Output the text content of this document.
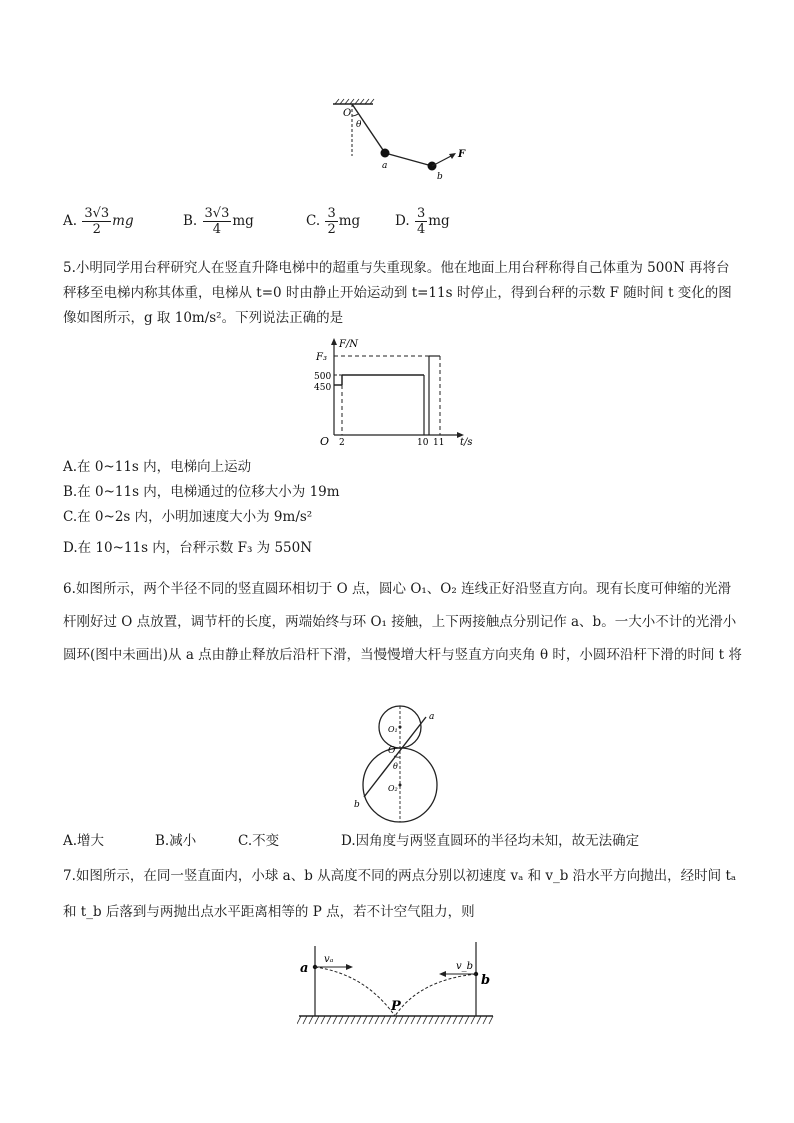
O
θ
a
b
F
A. $\frac{3√3}{2}$ mg	B. $\frac{3√3}{4}$ mg	C. $\frac{3}{2}$ mg	D. $\frac{3}{4}$ mg
5.小明同学用台秤研究人在竖直升降电梯中的超重与失重现象。他在地面上用台秤称得自己体重为 500N 再将台秤移至电梯内称其体重，电梯从 t=0 时由静止开始运动到 t=11s 时停止，得到台秤的示数 F 随时间 t 变化的图像如图所示，g 取 10m/s²。下列说法正确的是
F/N
F₃
500
450
O 2	10 11 t/s
A.在 0~11s 内，电梯向上运动
B.在 0~11s 内，电梯通过的位移大小为 19m
C.在 0~2s 内，小明加速度大小为 9m/s²
D.在 10~11s 内，台秤示数 F₃ 为 550N
6.如图所示，两个半径不同的竖直圆环相切于 O 点，圆心 O₁、O₂ 连线正好沿竖直方向。现有长度可伸缩的光滑杆刚好过 O 点放置，调节杆的长度，两端始终与环 O₁ 接触，上下两接触点分别记作 a、b。一大小不计的光滑小圆环(图中未画出)从 a 点由静止释放后沿杆下滑，当慢慢增大杆与竖直方向夹角 θ 时，小圆环沿杆下滑的时间 t 将
a
b
O
O₁
O₂
θ
A.增大	B.减小	C.不变	D.因角度与两竖直圆环的半径均未知，故无法确定
7.如图所示，在同一竖直面内，小球 a、b 从高度不同的两点分别以初速度 vₐ 和 v_b 沿水平方向抛出，经时间 tₐ 和 t_b 后落到与两抛出点水平距离相等的 P 点，若不计空气阻力，则
a
b
vₐ
v_b
P
